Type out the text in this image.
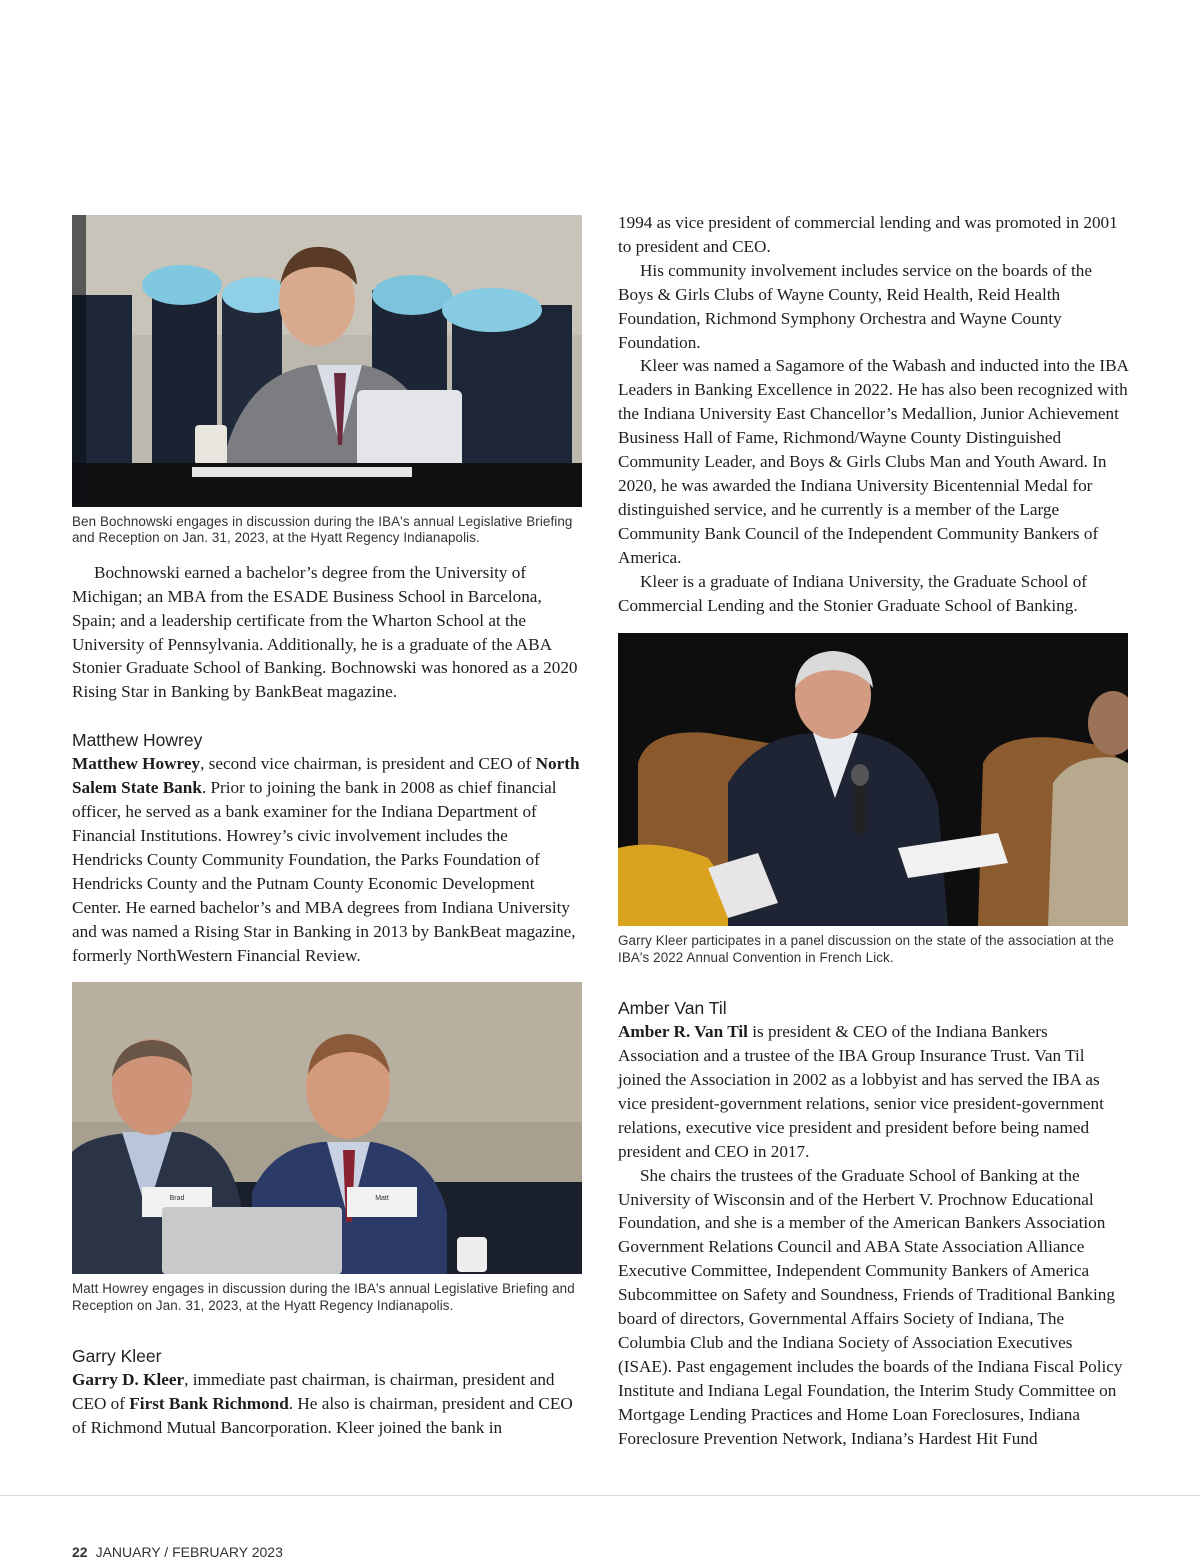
Ben Bochnowski engages in discussion during the IBA's annual Legislative Briefing and Reception on Jan. 31, 2023, at the Hyatt Regency Indianapolis.

Bochnowski earned a bachelor’s degree from the University of Michigan; an MBA from the ESADE Business School in Barcelona, Spain; and a leadership certificate from the Wharton School at the University of Pennsylvania. Additionally, he is a graduate of the ABA Stonier Graduate School of Banking. Bochnowski was honored as a 2020 Rising Star in Banking by BankBeat magazine.

Matthew Howrey

Matthew Howrey, second vice chairman, is president and CEO of North Salem State Bank. Prior to joining the bank in 2008 as chief financial officer, he served as a bank examiner for the Indiana Department of Financial Institutions. Howrey’s civic involvement includes the Hendricks County Community Foundation, the Parks Foundation of Hendricks County and the Putnam County Economic Development Center. He earned bachelor’s and MBA degrees from Indiana University and was named a Rising Star in Banking in 2013 by BankBeat magazine, formerly NorthWestern Financial Review.

Brad	Matt
Matt Howrey engages in discussion during the IBA's annual Legislative Briefing and Reception on Jan. 31, 2023, at the Hyatt Regency Indianapolis.
Garry Kleer

Garry D. Kleer, immediate past chairman, is chairman, president and CEO of First Bank Richmond. He also is chairman, president and CEO of Richmond Mutual Bancorporation. Kleer joined the bank in

1994 as vice president of commercial lending and was promoted in 2001 to president and CEO.

His community involvement includes service on the boards of the Boys & Girls Clubs of Wayne County, Reid Health, Reid Health Foundation, Richmond Symphony Orchestra and Wayne County Foundation.

Kleer was named a Sagamore of the Wabash and inducted into the IBA Leaders in Banking Excellence in 2022. He has also been recognized with the Indiana University East Chancellor’s Medallion, Junior Achievement Business Hall of Fame, Richmond/Wayne County Distinguished Community Leader, and Boys & Girls Clubs Man and Youth Award. In 2020, he was awarded the Indiana University Bicentennial Medal for distinguished service, and he currently is a member of the Large Community Bank Council of the Independent Community Bankers of America.

Kleer is a graduate of Indiana University, the Graduate School of Commercial Lending and the Stonier Graduate School of Banking.

Garry Kleer participates in a panel discussion on the state of the association at the IBA's 2022 Annual Convention in French Lick.
Amber Van Til

Amber R. Van Til is president & CEO of the Indiana Bankers Association and a trustee of the IBA Group Insurance Trust. Van Til joined the Association in 2002 as a lobbyist and has served the IBA as vice president-government relations, senior vice president-government relations, executive vice president and president before being named president and CEO in 2017.

She chairs the trustees of the Graduate School of Banking at the University of Wisconsin and of the Herbert V. Prochnow Educational Foundation, and she is a member of the American Bankers Association Government Relations Council and ABA State Association Alliance Executive Committee, Independent Community Bankers of America Subcommittee on Safety and Soundness, Friends of Traditional Banking board of directors, Governmental Affairs Society of Indiana, The Columbia Club and the Indiana Society of Association Executives (ISAE). Past engagement includes the boards of the Indiana Fiscal Policy Institute and Indiana Legal Foundation, the Interim Study Committee on Mortgage Lending Practices and Home Loan Foreclosures, Indiana Foreclosure Prevention Network, Indiana’s Hardest Hit Fund

22 JANUARY / FEBRUARY 2023
